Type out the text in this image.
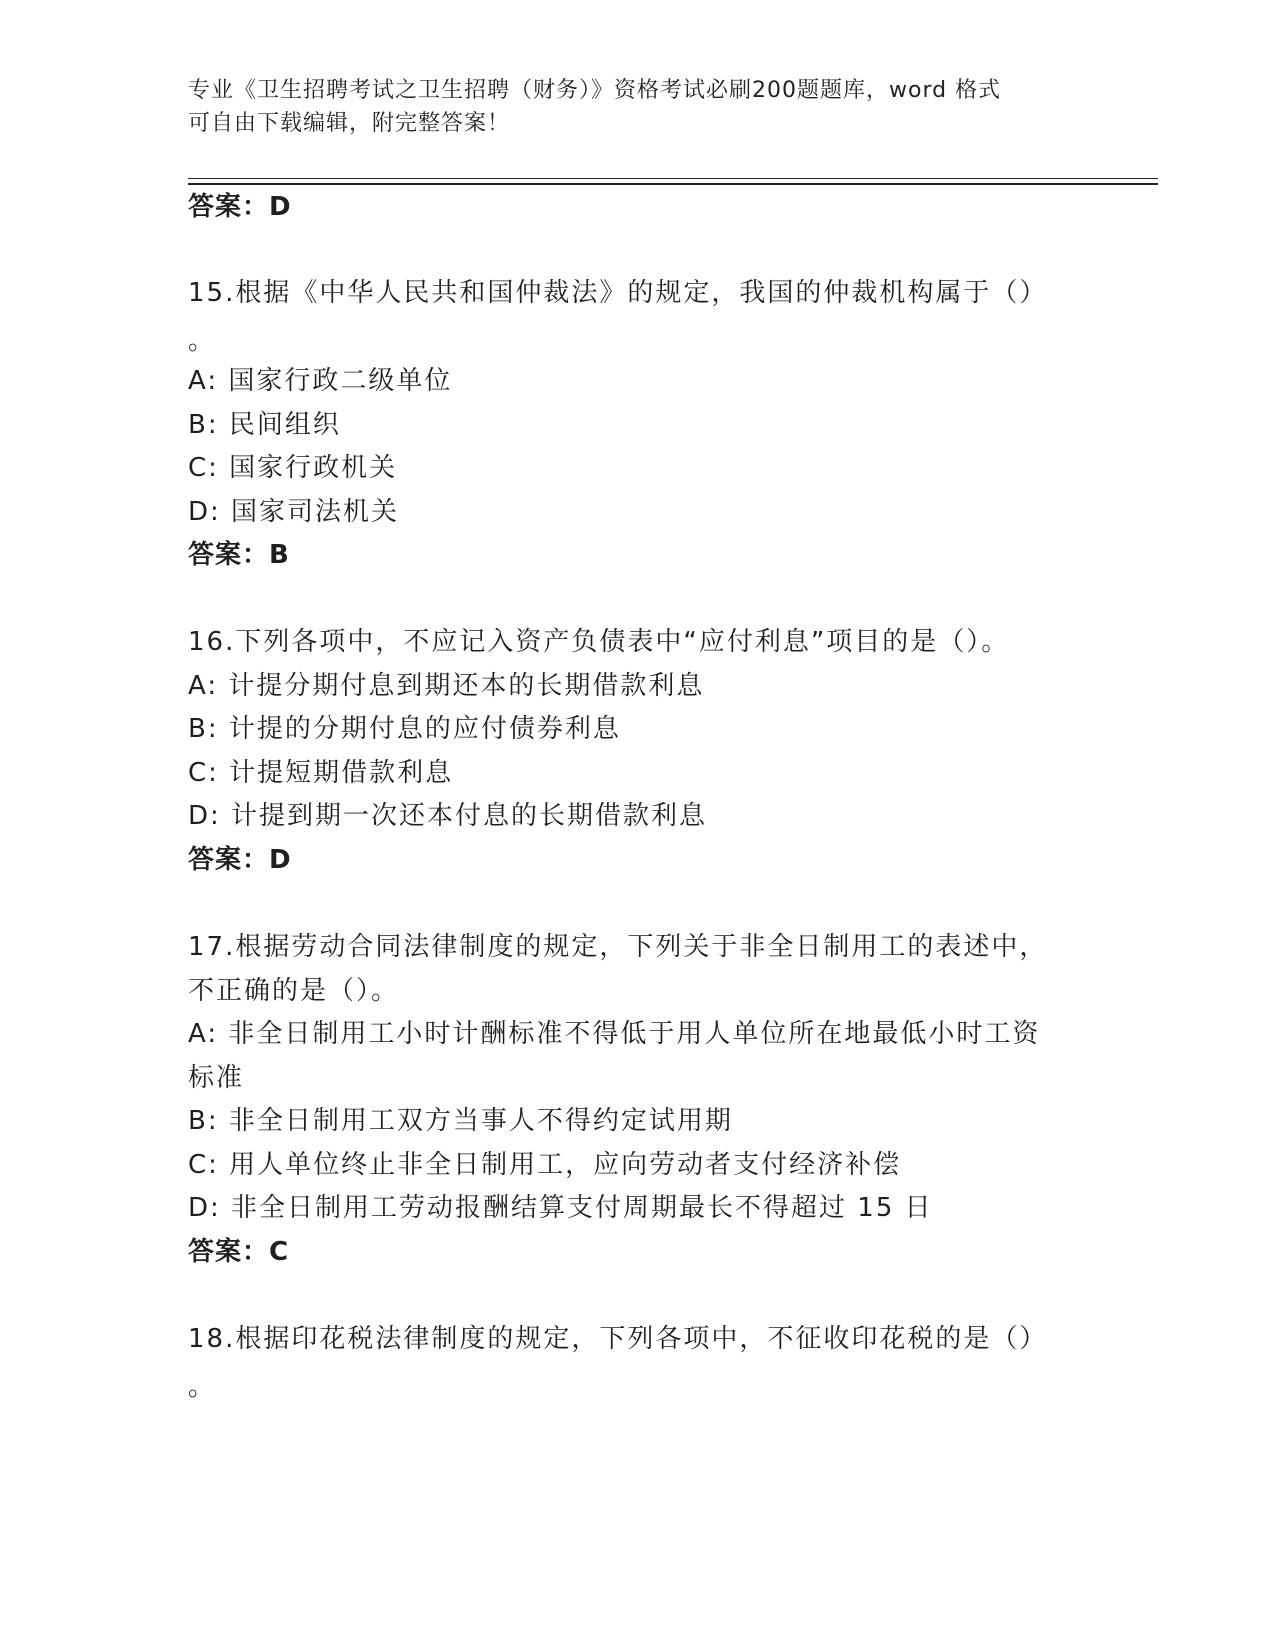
专业《卫生招聘考试之卫生招聘（财务）》资格考试必刷200题题库，word 格式
可自由下载编辑，附完整答案！
答案：D
15.根据《中华人民共和国仲裁法》的规定，我国的仲裁机构属于（）
。
A: 国家行政二级单位
B: 民间组织
C: 国家行政机关
D: 国家司法机关
答案：B
16.下列各项中，不应记入资产负债表中“应付利息”项目的是（）。
A: 计提分期付息到期还本的长期借款利息
B: 计提的分期付息的应付债券利息
C: 计提短期借款利息
D: 计提到期一次还本付息的长期借款利息
答案：D
17.根据劳动合同法律制度的规定，下列关于非全日制用工的表述中，
不正确的是（）。
A: 非全日制用工小时计酬标准不得低于用人单位所在地最低小时工资
标准
B: 非全日制用工双方当事人不得约定试用期
C: 用人单位终止非全日制用工，应向劳动者支付经济补偿
D: 非全日制用工劳动报酬结算支付周期最长不得超过 15 日
答案：C
18.根据印花税法律制度的规定，下列各项中，不征收印花税的是（）
。
